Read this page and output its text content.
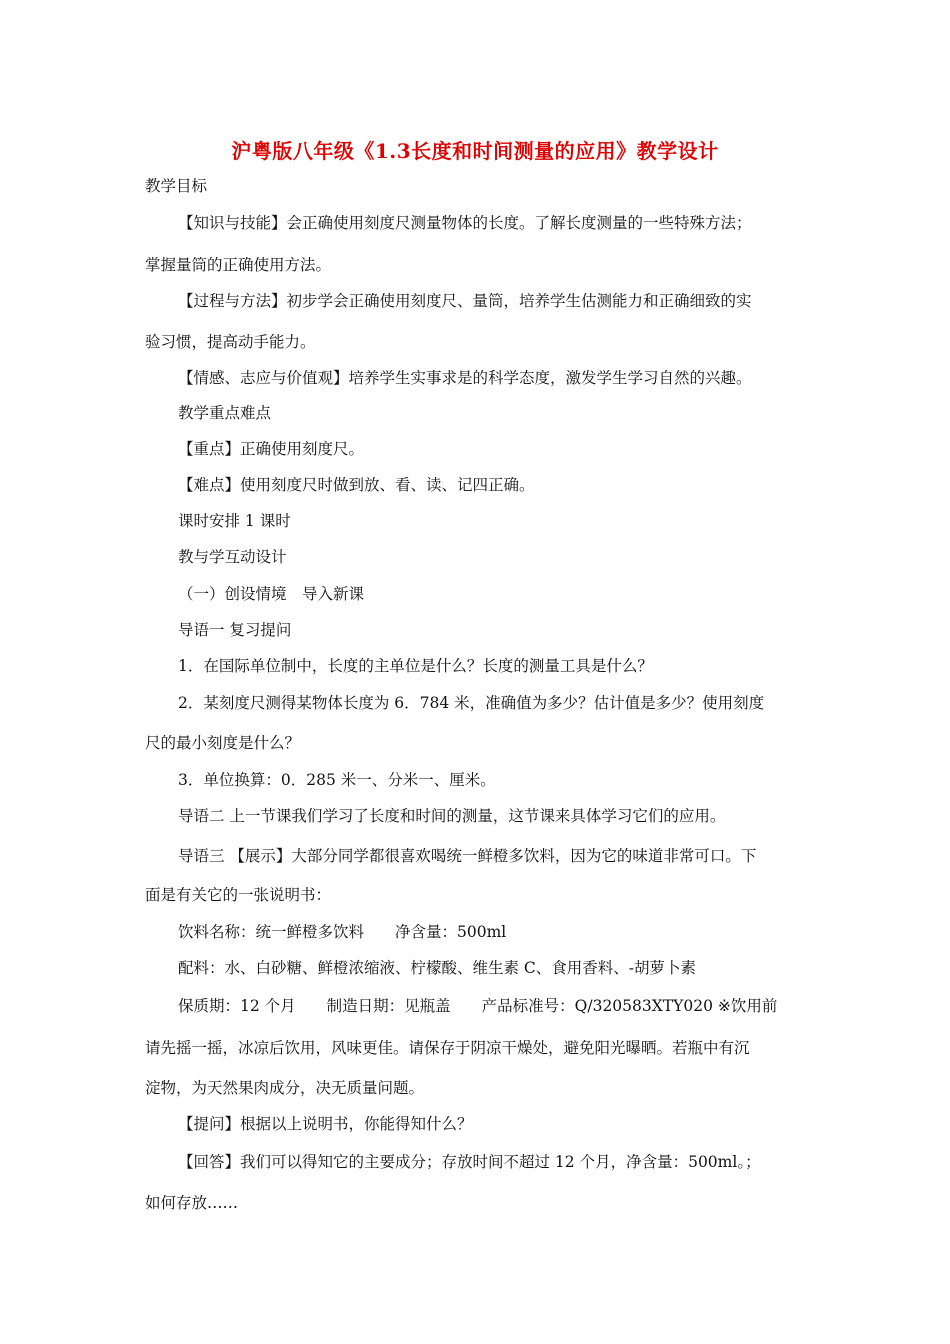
沪粤版八年级《1.3长度和时间测量的应用》教学设计
教学目标
【知识与技能】会正确使用刻度尺测量物体的长度。了解长度测量的一些特殊方法；
掌握量筒的正确使用方法。
【过程与方法】初步学会正确使用刻度尺、量筒，培养学生估测能力和正确细致的实
验习惯，提高动手能力。
【情感、志应与价值观】培养学生实事求是的科学态度，激发学生学习自然的兴趣。
教学重点难点
【重点】正确使用刻度尺。
【难点】使用刻度尺时做到放、看、读、记四正确。
课时安排 1 课时
教与学互动设计
（一）创设情境　导入新课
导语一 复习提问
1．在国际单位制中，长度的主单位是什么？长度的测量工具是什么？
2．某刻度尺测得某物体长度为 6．784 米，准确值为多少？估计值是多少？使用刻度
尺的最小刻度是什么？
3．单位换算：0．285 米一、分米一、厘米。
导语二 上一节课我们学习了长度和时间的测量，这节课来具体学习它们的应用。
导语三 【展示】大部分同学都很喜欢喝统一鲜橙多饮料，因为它的味道非常可口。下
面是有关它的一张说明书：
饮料名称：统一鲜橙多饮料　　净含量：500ml
配料：水、白砂糖、鲜橙浓缩液、柠檬酸、维生素 C、食用香料、-胡萝卜素
保质期：12 个月　　制造日期：见瓶盖　　产品标准号：Q/320583XTY020 ※饮用前
请先摇一摇，冰凉后饮用，风味更佳。请保存于阴凉干燥处，避免阳光曝晒。若瓶中有沉
淀物，为天然果肉成分，决无质量问题。
【提问】根据以上说明书，你能得知什么？
【回答】我们可以得知它的主要成分；存放时间不超过 12 个月，净含量：500ml。；
如何存放……
